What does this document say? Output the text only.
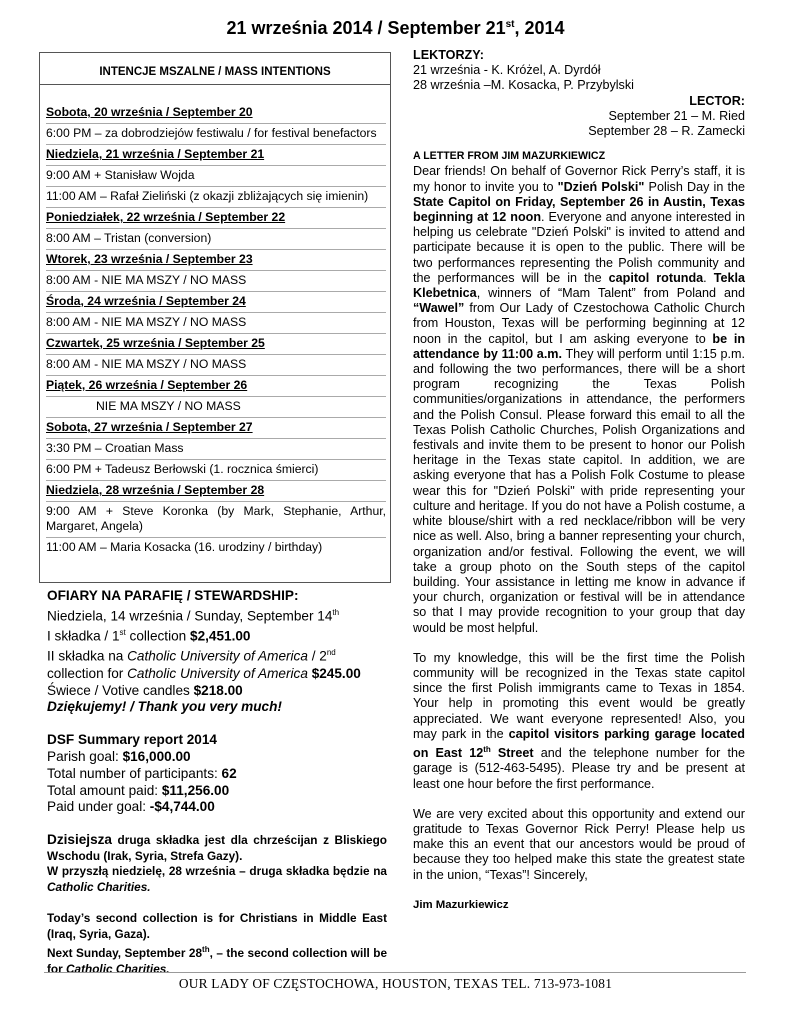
21 września 2014 / September 21st, 2014
INTENCJE MSZALNE / MASS INTENTIONS
Sobota, 20 września / September 20
6:00 PM – za dobrodziejów festiwalu / for festival benefactors
Niedziela, 21 września / September 21
9:00 AM + Stanisław Wojda
11:00 AM – Rafał Zieliński (z okazji zbliżających się imienin)
Poniedziałek, 22 września / September 22
8:00 AM – Tristan (conversion)
Wtorek, 23 września / September 23
8:00 AM - NIE MA MSZY / NO MASS
Środa, 24 września / September 24
8:00 AM - NIE MA MSZY / NO MASS
Czwartek, 25 września / September 25
8:00 AM - NIE MA MSZY / NO MASS
Piątek, 26 września / September 26
NIE MA MSZY / NO MASS
Sobota, 27 września / September 27
3:30 PM – Croatian Mass
6:00 PM + Tadeusz Berłowski (1. rocznica śmierci)
Niedziela, 28 września / September 28
9:00 AM + Steve Koronka (by Mark, Stephanie, Arthur, Margaret, Angela)
11:00 AM – Maria Kosacka (16. urodziny / birthday)

OFIARY NA PARAFIĘ / STEWARDSHIP:

Niedziela, 14 września / Sunday, September 14th

I składka / 1st collection $2,451.00

II składka na Catholic University of America / 2nd collection for Catholic University of America $245.00

Świece / Votive candles $218.00

Dziękujemy! / Thank you very much!

DSF Summary report 2014

Parish goal: $16,000.00

Total number of participants: 62

Total amount paid: $11,256.00

Paid under goal: -$4,744.00

Dzisiejsza druga składka jest dla chrześcijan z Bliskiego Wschodu (Irak, Syria, Strefa Gazy).

W przyszłą niedzielę, 28 września – druga składka będzie na Catholic Charities.

Today’s second collection is for Christians in Middle East (Iraq, Syria, Gaza).

Next Sunday, September 28th, – the second collection will be for Catholic Charities.

LEKTORZY:

21 września - K. Króżel, A. Dyrdół

28 września –M. Kosacka, P. Przybylski

LECTOR:

September 21 – M. Ried

September 28 – R. Zamecki

A LETTER FROM JIM MAZURKIEWICZ

Dear friends! On behalf of Governor Rick Perry’s staff, it is my honor to invite you to "Dzień Polski" Polish Day in the State Capitol on Friday, September 26 in Austin, Texas beginning at 12 noon. Everyone and anyone interested in helping us celebrate "Dzień Polski" is invited to attend and participate because it is open to the public. There will be two performances representing the Polish community and the performances will be in the capitol rotunda. Tekla Klebetnica, winners of “Mam Talent” from Poland and “Wawel” from Our Lady of Czestochowa Catholic Church from Houston, Texas will be performing beginning at 12 noon in the capitol, but I am asking everyone to be in attendance by 11:00 a.m. They will perform until 1:15 p.m. and following the two performances, there will be a short program recognizing the Texas Polish communities/organizations in attendance, the performers and the Polish Consul. Please forward this email to all the Texas Polish Catholic Churches, Polish Organizations and festivals and invite them to be present to honor our Polish heritage in the Texas state capitol. In addition, we are asking everyone that has a Polish Folk Costume to please wear this for "Dzień Polski" with pride representing your culture and heritage. If you do not have a Polish costume, a white blouse/shirt with a red necklace/ribbon will be very nice as well. Also, bring a banner representing your church, organization and/or festival. Following the event, we will take a group photo on the South steps of the capitol building. Your assistance in letting me know in advance if your church, organization or festival will be in attendance so that I may provide recognition to your group that day would be most helpful.

To my knowledge, this will be the first time the Polish community will be recognized in the Texas state capitol since the first Polish immigrants came to Texas in 1854. Your help in promoting this event would be greatly appreciated. We want everyone represented! Also, you may park in the capitol visitors parking garage located on East 12th Street and the telephone number for the garage is (512-463-5495). Please try and be present at least one hour before the first performance.

We are very excited about this opportunity and extend our gratitude to Texas Governor Rick Perry! Please help us make this an event that our ancestors would be proud of because they too helped make this state the greatest state in the union, “Texas”! Sincerely,

Jim Mazurkiewicz

OUR LADY OF CZĘSTOCHOWA, HOUSTON, TEXAS TEL. 713-973-1081
